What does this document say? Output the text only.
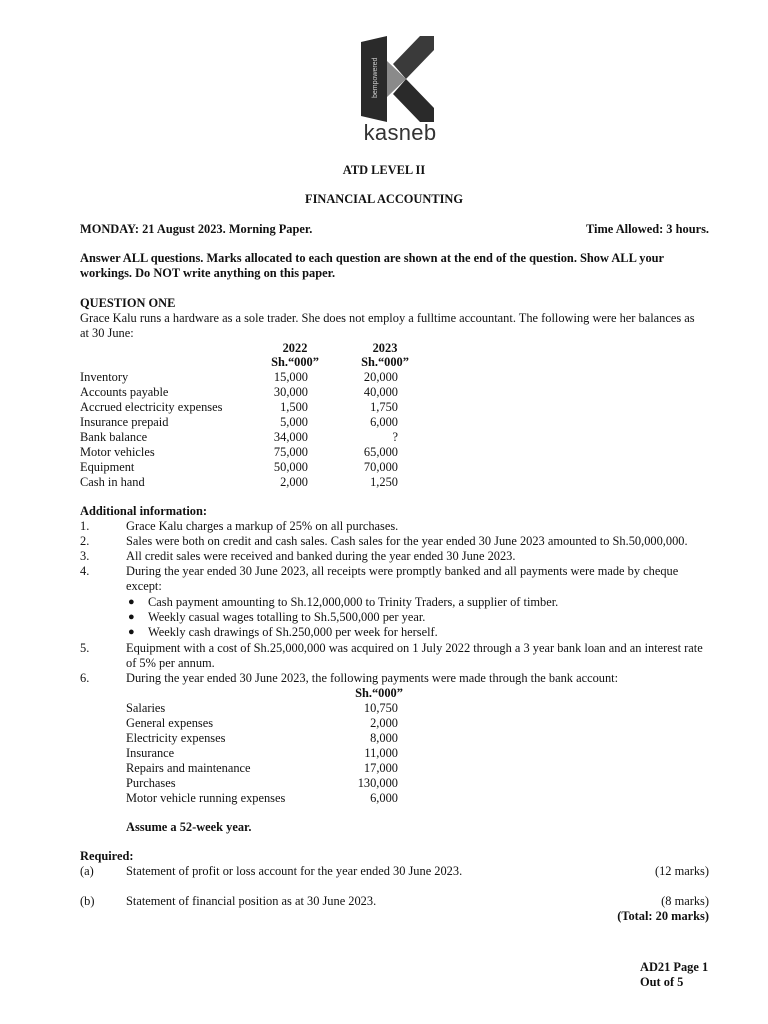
bempowered
kasneb
ATD LEVEL II
FINANCIAL ACCOUNTING
MONDAY: 21 August 2023. Morning Paper.	Time Allowed: 3 hours.
Answer ALL questions. Marks allocated to each question are shown at the end of the question. Show ALL your
workings. Do NOT write anything on this paper.
QUESTION ONE
Grace Kalu runs a hardware as a sole trader. She does not employ a fulltime accountant. The following were her balances as
at 30 June:
2022	2023
Sh.“000”	Sh.“000”
Inventory	15,000	20,000
Accounts payable	30,000	40,000
Accrued electricity expenses	1,500	1,750
Insurance prepaid	5,000	6,000
Bank balance	34,000	?
Motor vehicles	75,000	65,000
Equipment	50,000	70,000
Cash in hand	2,000	1,250
Additional information:
1.	Grace Kalu charges a markup of 25% on all purchases.
2.	Sales were both on credit and cash sales. Cash sales for the year ended 30 June 2023 amounted to Sh.50,000,000.
3.	All credit sales were received and banked during the year ended 30 June 2023.
4.	During the year ended 30 June 2023, all receipts were promptly banked and all payments were made by cheque
except:
● Cash payment amounting to Sh.12,000,000 to Trinity Traders, a supplier of timber.
● Weekly casual wages totalling to Sh.5,500,000 per year.
● Weekly cash drawings of Sh.250,000 per week for herself.
5.	Equipment with a cost of Sh.25,000,000 was acquired on 1 July 2022 through a 3 year bank loan and an interest rate
of 5% per annum.
6.	During the year ended 30 June 2023, the following payments were made through the bank account:
Sh.“000”
Salaries	10,750
General expenses	2,000
Electricity expenses	8,000
Insurance	11,000
Repairs and maintenance	17,000
Purchases	130,000
Motor vehicle running expenses	6,000
Assume a 52-week year.
Required:
(a)	Statement of profit or loss account for the year ended 30 June 2023.	(12 marks)
(b)	Statement of financial position as at 30 June 2023.	(8 marks)
(Total: 20 marks)
AD21 Page 1
Out of 5
